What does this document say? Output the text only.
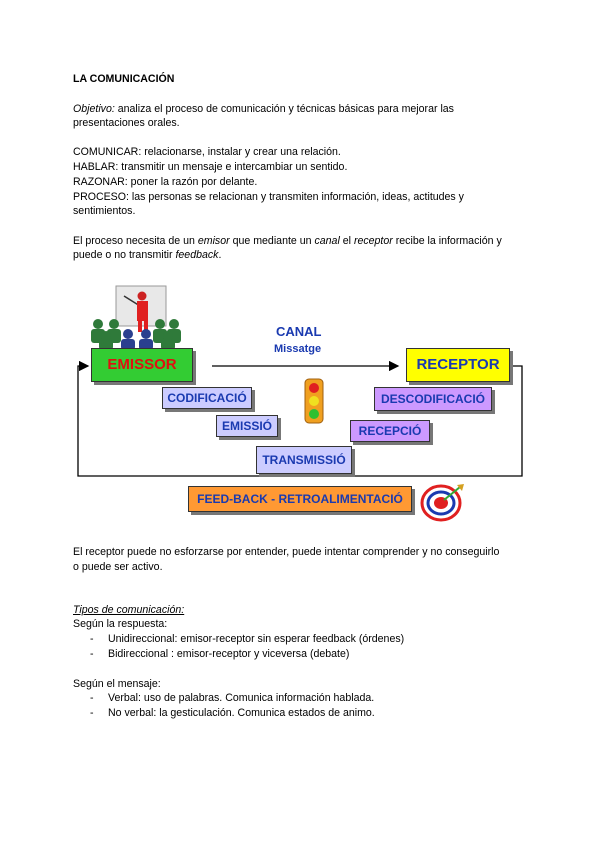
LA COMUNICACIÓN
Objetivo: analiza el proceso de comunicación y técnicas básicas para mejorar las
presentaciones orales.
COMUNICAR: relacionarse, instalar y crear una relación.
HABLAR: transmitir un mensaje e intercambiar un sentido.
RAZONAR: poner la razón por delante.
PROCESO: las personas se relacionan y transmiten información, ideas, actitudes y
sentimientos.
El proceso necesita de un emisor que mediante un canal el receptor recibe la información y
puede o no transmitir feedback.
CANAL
Missatge
EMISSOR	RECEPTOR
CODIFICACIÓ
EMISSIÓ
DESCODIFICACIÓ
RECEPCIÓ
TRANSMISSIÓ
FEED-BACK - RETROALIMENTACIÓ
El receptor puede no esforzarse por entender, puede intentar comprender y no conseguirlo
o puede ser activo.
Tipos de comunicación:
Según la respuesta:
- Unidireccional: emisor-receptor sin esperar feedback (órdenes)
- Bidireccional : emisor-receptor y viceversa (debate)
Según el mensaje:
- Verbal: uso de palabras. Comunica información hablada.
- No verbal: la gesticulación. Comunica estados de animo.
